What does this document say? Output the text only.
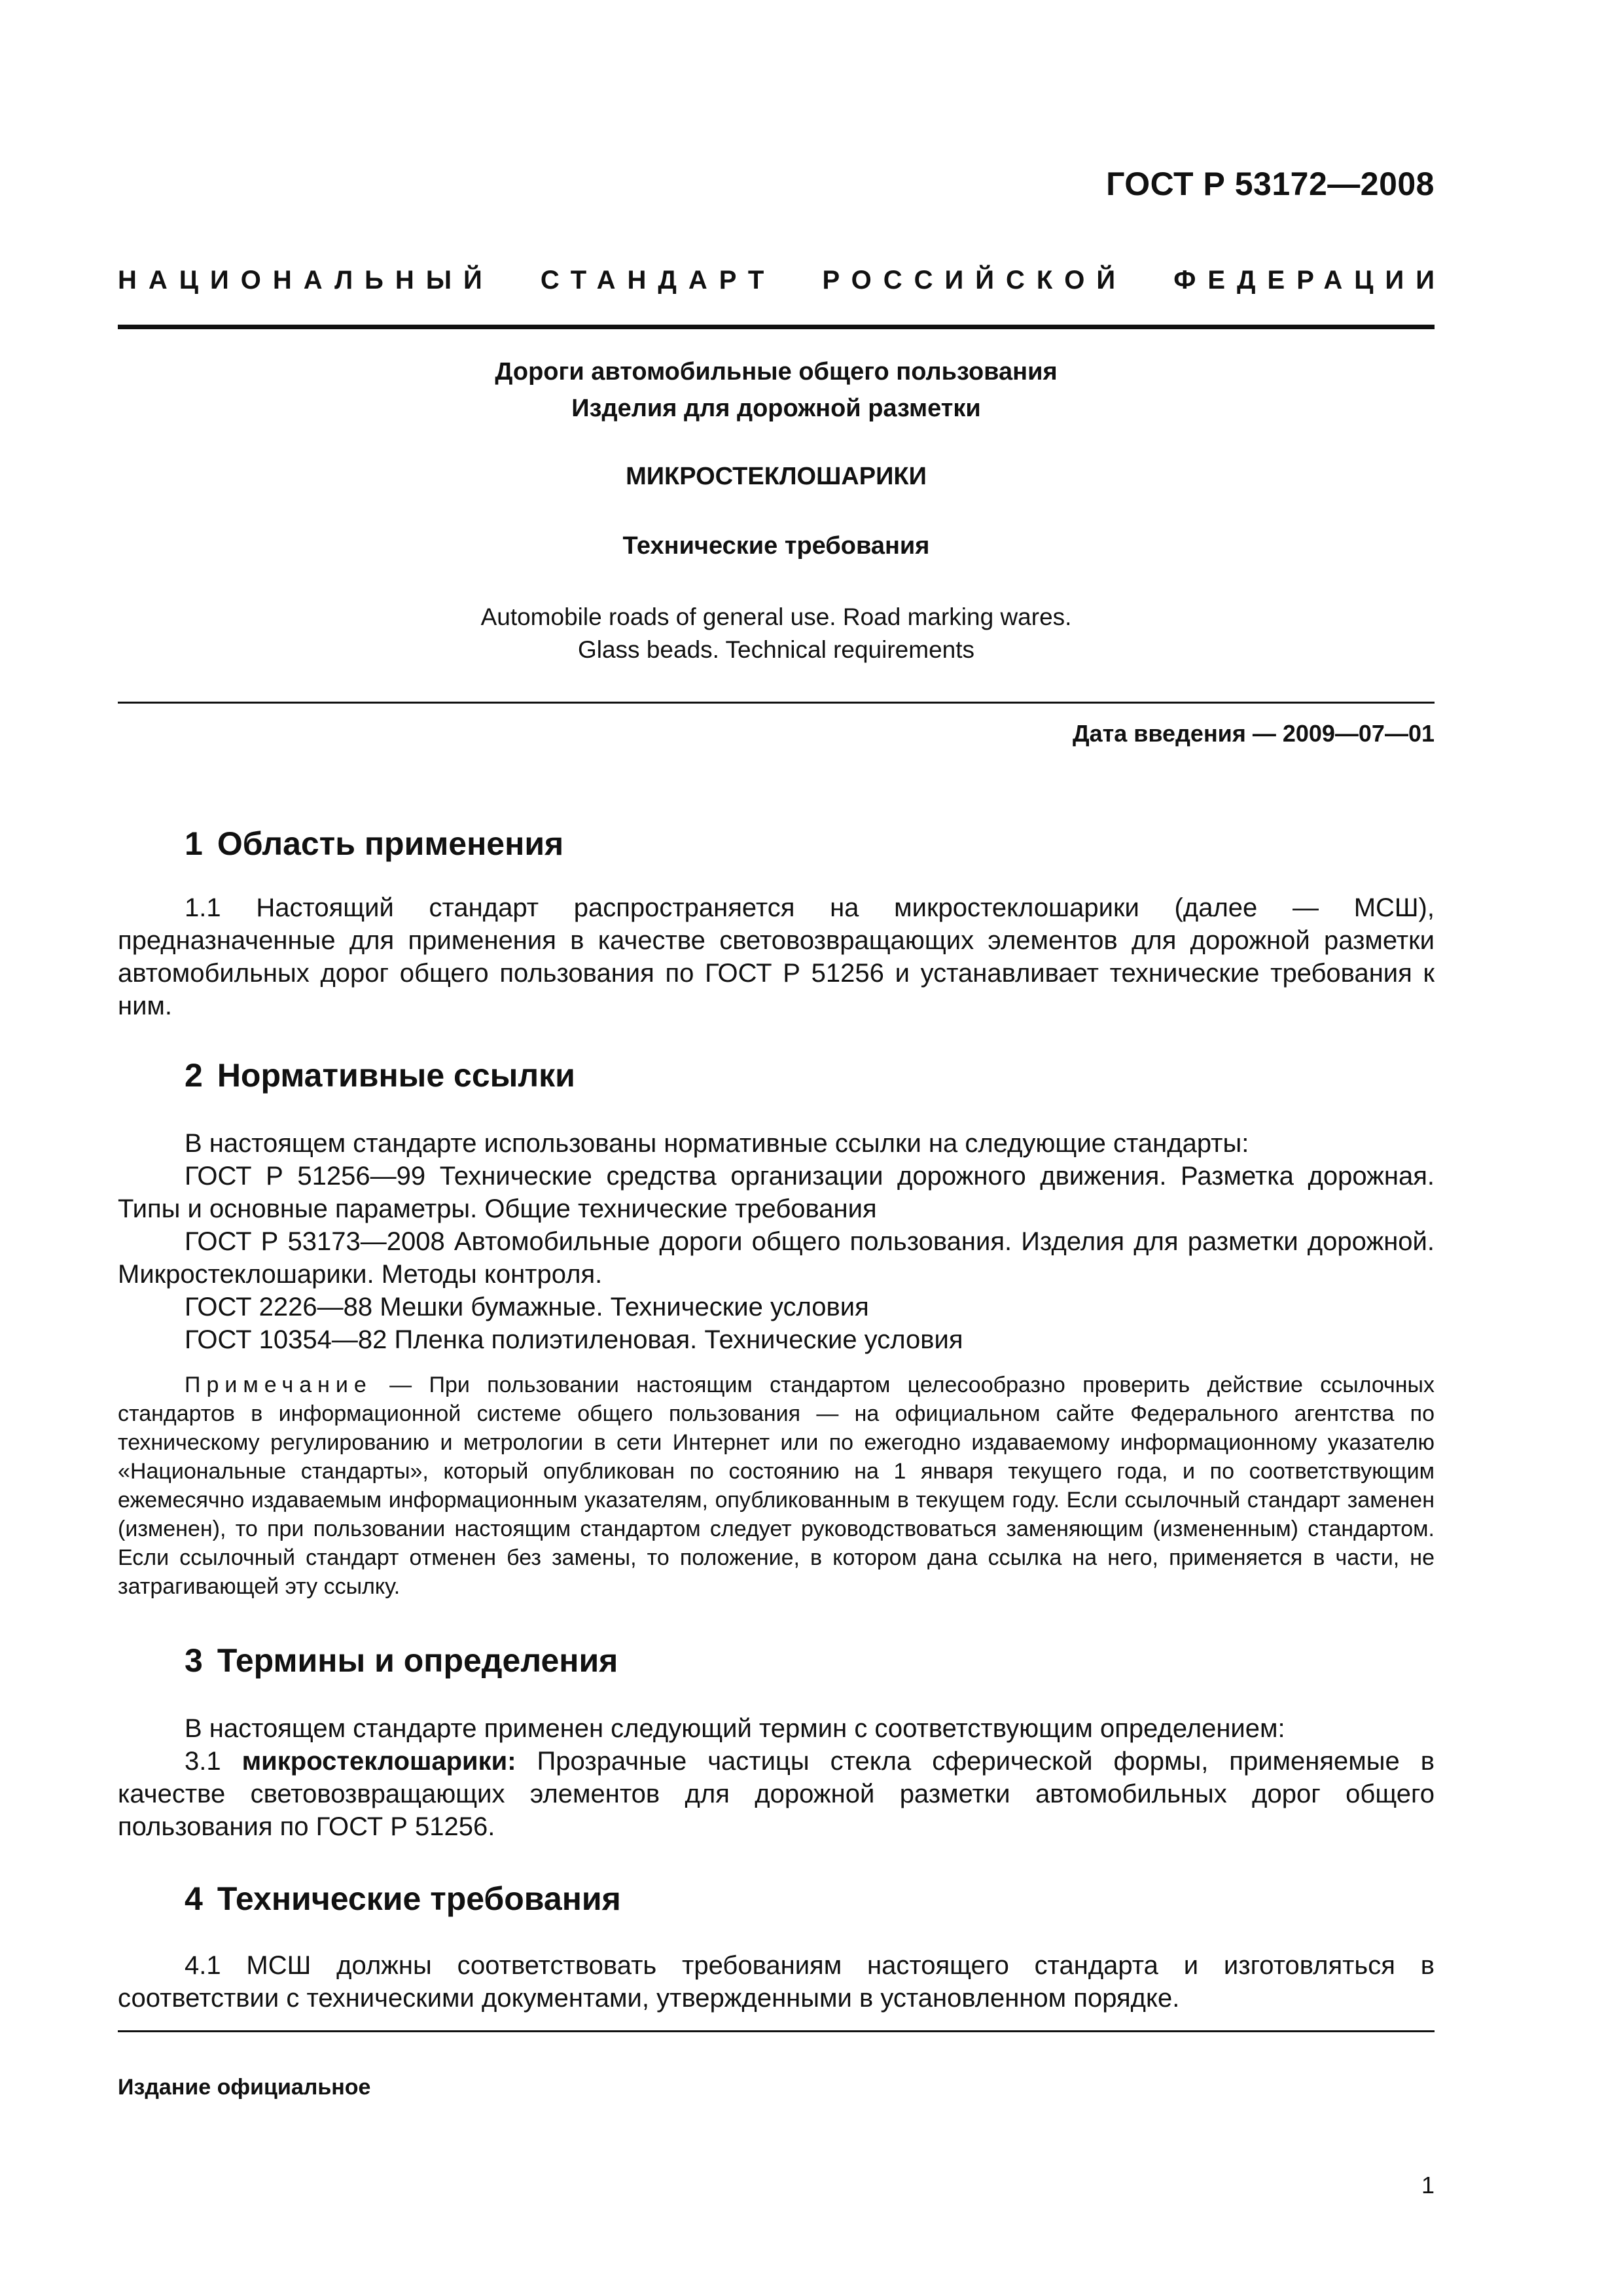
ГОСТ Р 53172—2008
НАЦИОНАЛЬНЫЙ СТАНДАРТ РОССИЙСКОЙ ФЕДЕРАЦИИ
Дороги автомобильные общего пользования
Изделия для дорожной разметки
МИКРОСТЕКЛОШАРИКИ
Технические требования
Automobile roads of general use. Road marking wares.
Glass beads. Technical requirements
Дата введения — 2009—07—01
1 Область применения

1.1 Настоящий стандарт распространяется на микростеклошарики (далее — МСШ), предназначенные для применения в качестве световозвращающих элементов для дорожной разметки автомобильных дорог общего пользования по ГОСТ Р 51256 и устанавливает технические требования к ним.

2 Нормативные ссылки

В настоящем стандарте использованы нормативные ссылки на следующие стандарты:

ГОСТ Р 51256—99 Технические средства организации дорожного движения. Разметка дорожная. Типы и основные параметры. Общие технические требования

ГОСТ Р 53173—2008 Автомобильные дороги общего пользования. Изделия для разметки дорожной. Микростеклошарики. Методы контроля.

ГОСТ 2226—88 Мешки бумажные. Технические условия
ГОСТ 10354—82 Пленка полиэтиленовая. Технические условия

Примечание — При пользовании настоящим стандартом целесообразно проверить действие ссылочных стандартов в информационной системе общего пользования — на официальном сайте Федерального агентства по техническому регулированию и метрологии в сети Интернет или по ежегодно издаваемому информационному указателю «Национальные стандарты», который опубликован по состоянию на 1 января текущего года, и по соответствующим ежемесячно издаваемым информационным указателям, опубликованным в текущем году. Если ссылочный стандарт заменен (изменен), то при пользовании настоящим стандартом следует руководствоваться заменяющим (измененным) стандартом. Если ссылочный стандарт отменен без замены, то положение, в котором дана ссылка на него, применяется в части, не затрагивающей эту ссылку.

3 Термины и определения

В настоящем стандарте применен следующий термин с соответствующим определением:

3.1 микростеклошарики: Прозрачные частицы стекла сферической формы, применяемые в качестве световозвращающих элементов для дорожной разметки автомобильных дорог общего пользования по ГОСТ Р 51256.

4 Технические требования

4.1 МСШ должны соответствовать требованиям настоящего стандарта и изготовляться в соответствии с техническими документами, утвержденными в установленном порядке.

Издание официальное
1
